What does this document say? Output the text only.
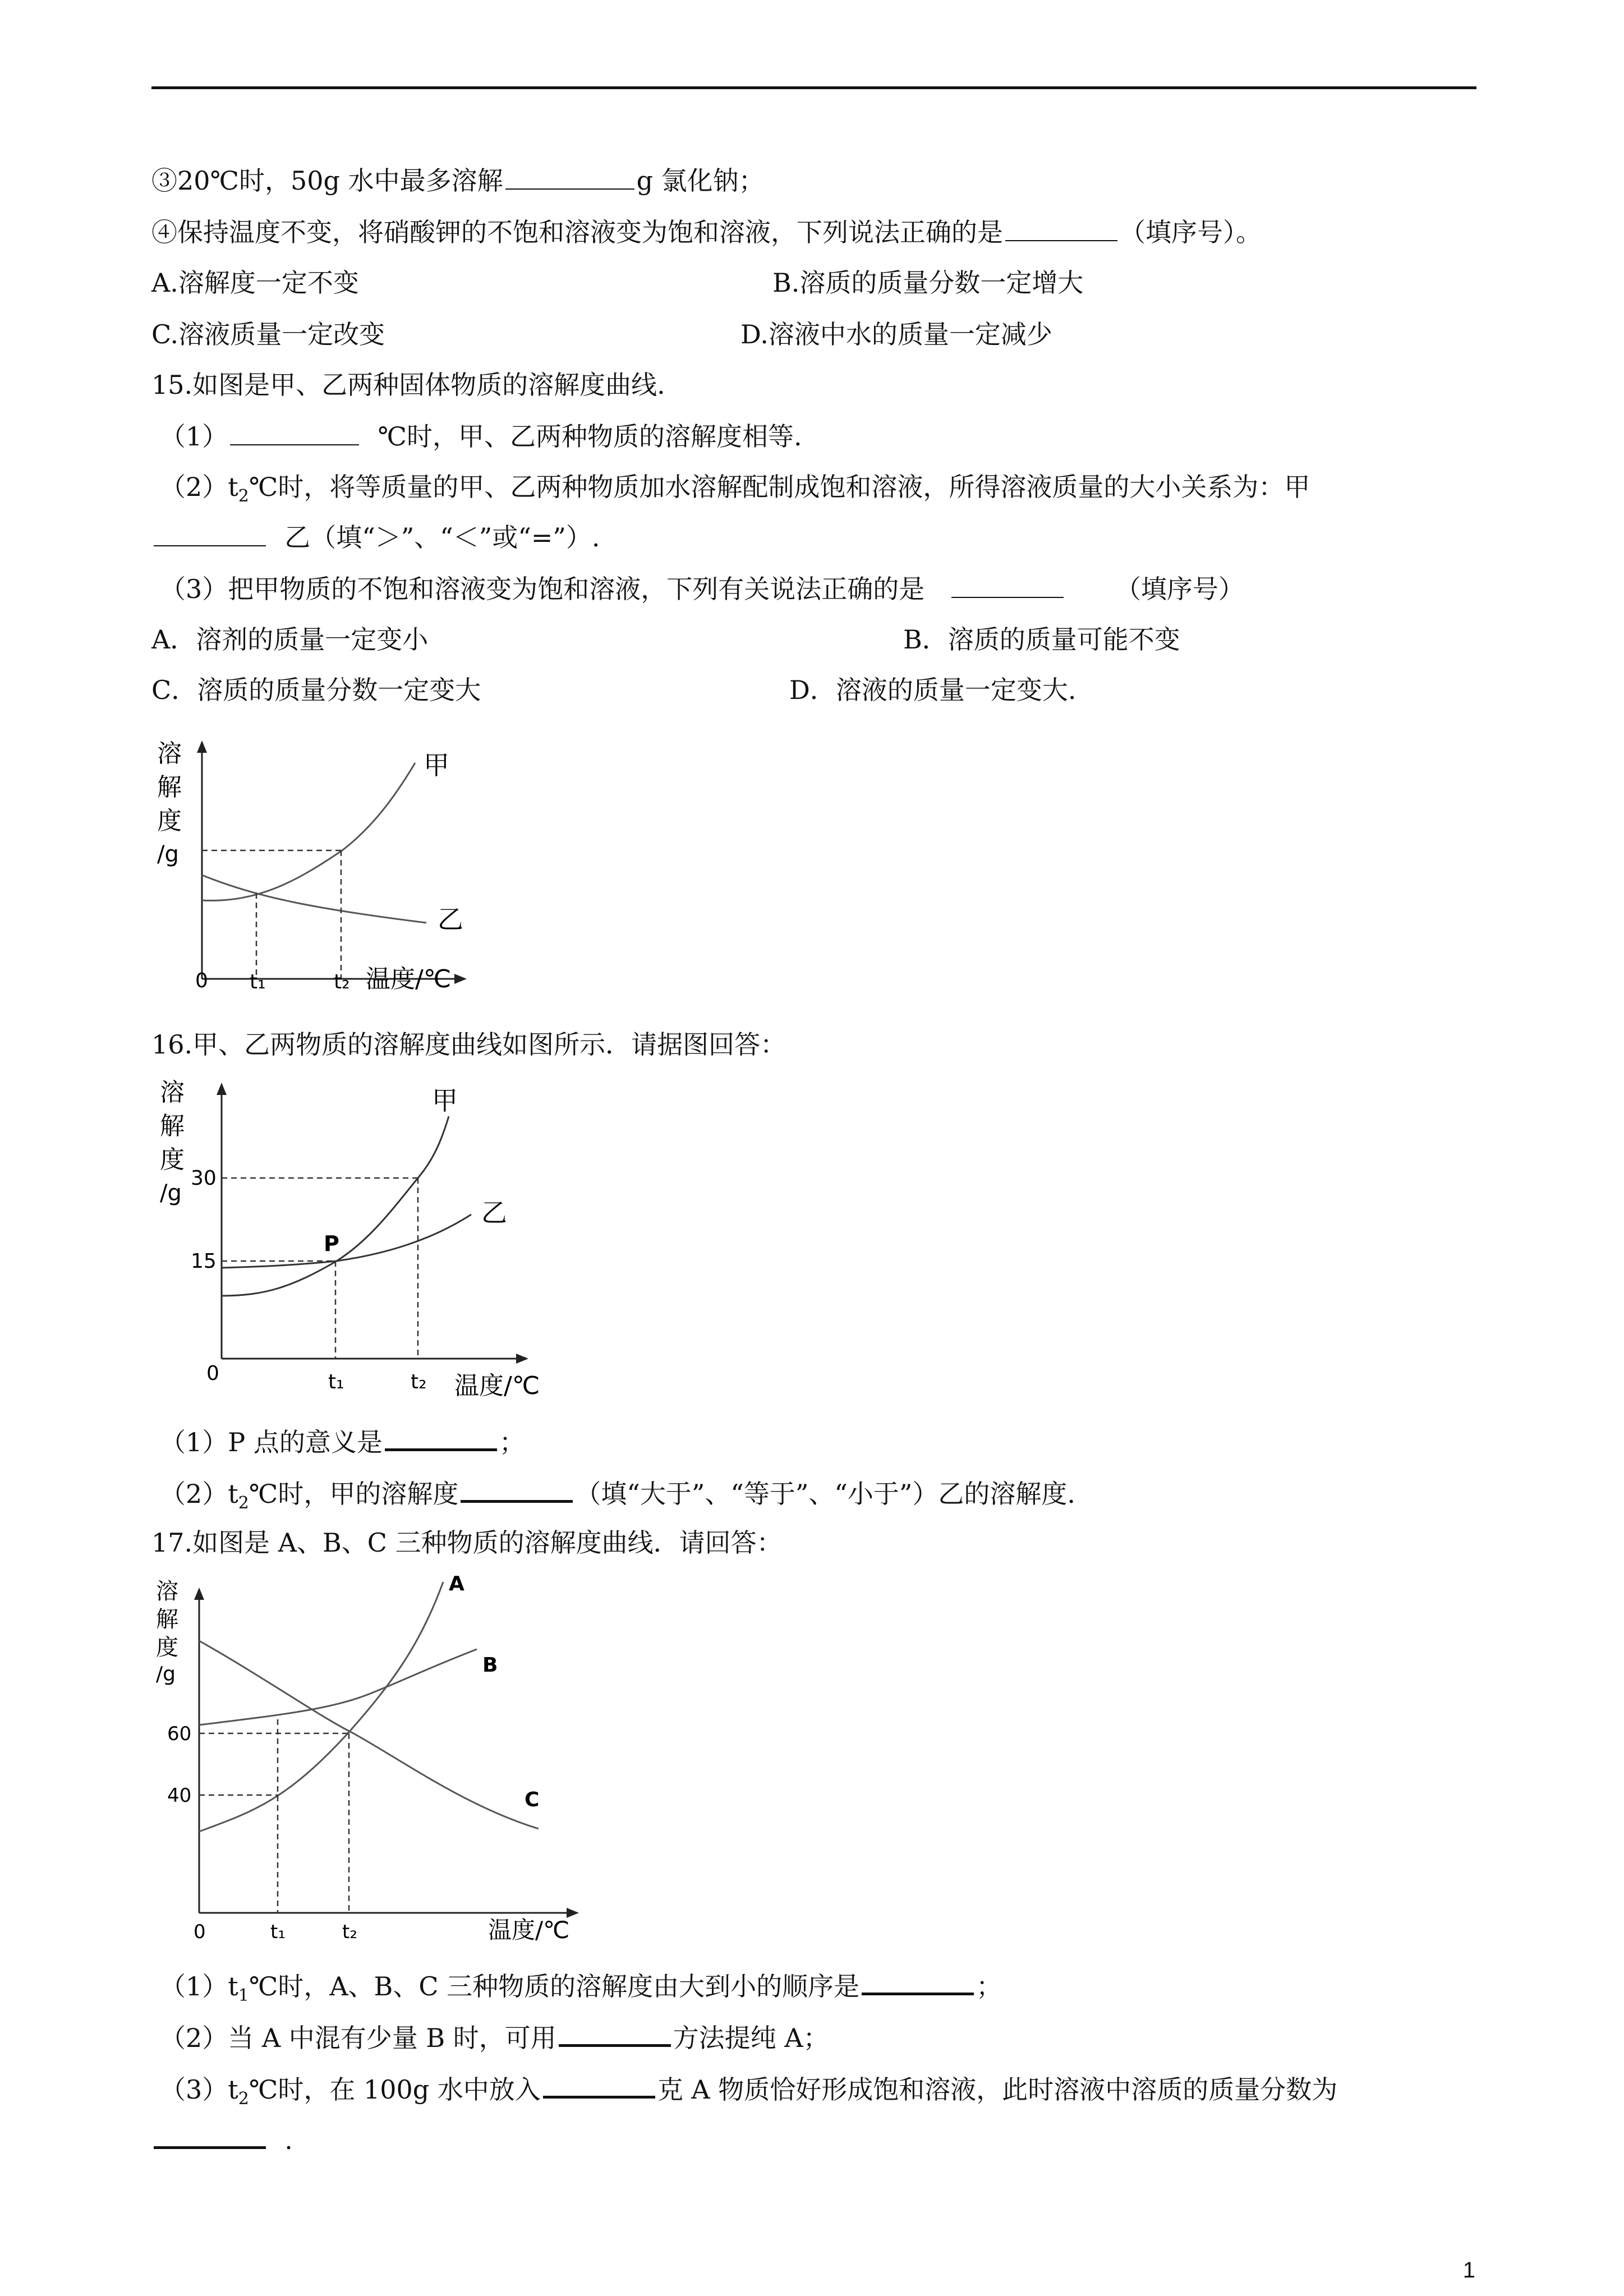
③20℃时，50g 水中最多溶解	g 氯化钠；
④保持温度不变，将硝酸钾的不饱和溶液变为饱和溶液，下列说法正确的是	（填序号）。
A.溶解度一定不变	B.溶质的质量分数一定增大
C.溶液质量一定改变	D.溶液中水的质量一定减少
15.如图是甲、乙两种固体物质的溶解度曲线.
（1）	℃时，甲、乙两种物质的溶解度相等.
$(2)t_2℃$时，将等质量的甲、乙两种物质加水溶解配制成饱和溶液，所得溶液质量的大小关系为：甲
乙（填“＞”、“＜”或“=”）.
（3）把甲物质的不饱和溶液变为饱和溶液，下列有关说法正确的是	（填序号）
A．溶剂的质量一定变小	B．溶质的质量可能不变
C．溶质的质量分数一定变大	D．溶液的质量一定变大.
溶
解
度
/g
0 t₁	t₂ 温度/℃
甲
乙
16.甲、乙两物质的溶解度曲线如图所示．请据图回答：
溶
解
度
/g
30
15
0	t₁	t₂ 温度/℃
甲
乙
P
（1）P 点的意义是	；
$(2)t_2℃$时，甲的溶解度	（填“大于”、“等于”、“小于”）乙的溶解度.
17.如图是 A、B、C 三种物质的溶解度曲线．请回答：
溶
解
度
/g
60
40
0	t₁	t₂	温度/℃
A
B
C
$(1)t_1℃$时，A、B、C 三种物质的溶解度由大到小的顺序是	；
（2）当 A 中混有少量 B 时，可用	方法提纯 A；
$(3)t_2℃$时，在 100g 水中放入	克 A 物质恰好形成饱和溶液，此时溶液中溶质的质量分数为
.
1
